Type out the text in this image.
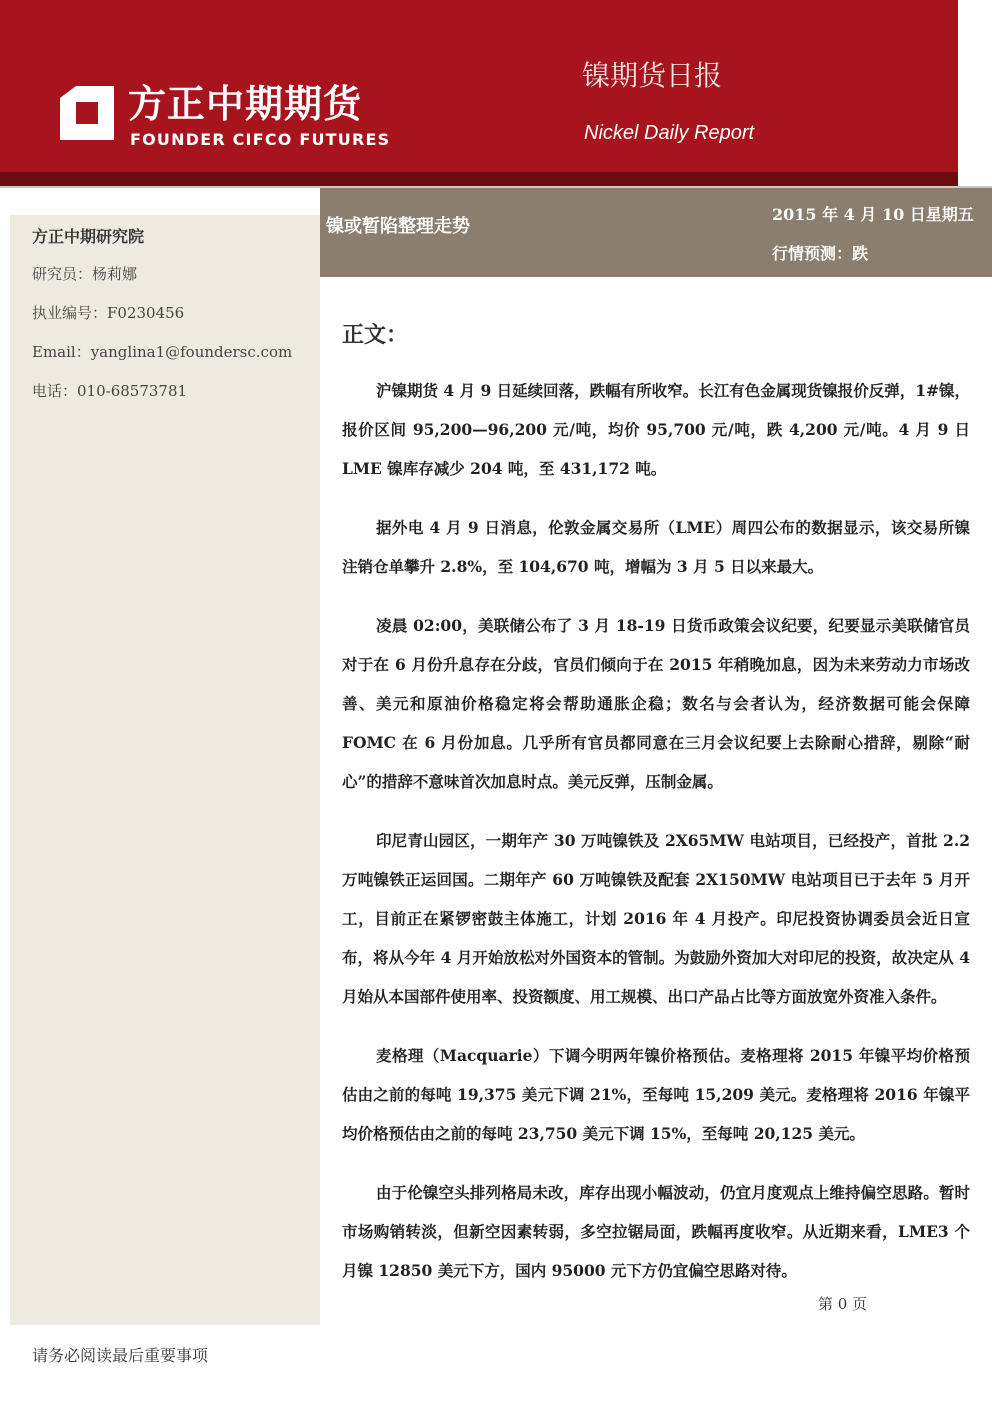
方正中期期货
FOUNDER CIFCO FUTURES
镍期货日报
Nickel Daily Report
方正中期研究院
研究员：杨莉娜
执业编号：F0230456
Email：yanglina1@foundersc.com
电话：010-68573781
镍或暂陷整理走势
2015 年 4 月 10 日星期五
行情预测：跌
正文：

沪镍期货 4 月 9 日延续回落，跌幅有所收窄。长江有色金属现货镍报价反弹，1#镍，报价区间 95,200—96,200 元/吨，均价 95,700 元/吨，跌 4,200 元/吨。4 月 9 日 LME 镍库存减少 204 吨，至 431,172 吨。

据外电 4 月 9 日消息，伦敦金属交易所（LME）周四公布的数据显示，该交易所镍注销仓单攀升 2.8%，至 104,670 吨，增幅为 3 月 5 日以来最大。

凌晨 02:00，美联储公布了 3 月 18-19 日货币政策会议纪要，纪要显示美联储官员对于在 6 月份升息存在分歧，官员们倾向于在 2015 年稍晚加息，因为未来劳动力市场改善、美元和原油价格稳定将会帮助通胀企稳；数名与会者认为，经济数据可能会保障 FOMC 在 6 月份加息。几乎所有官员都同意在三月会议纪要上去除耐心措辞，剔除“耐心”的措辞不意味首次加息时点。美元反弹，压制金属。

印尼青山园区，一期年产 30 万吨镍铁及 2X65MW 电站项目，已经投产，首批 2.2 万吨镍铁正运回国。二期年产 60 万吨镍铁及配套 2X150MW 电站项目已于去年 5 月开工，目前正在紧锣密鼓主体施工，计划 2016 年 4 月投产。印尼投资协调委员会近日宣布，将从今年 4 月开始放松对外国资本的管制。为鼓励外资加大对印尼的投资，故决定从 4 月始从本国部件使用率、投资额度、用工规模、出口产品占比等方面放宽外资准入条件。

麦格理（Macquarie）下调今明两年镍价格预估。麦格理将 2015 年镍平均价格预估由之前的每吨 19,375 美元下调 21%，至每吨 15,209 美元。麦格理将 2016 年镍平均价格预估由之前的每吨 23,750 美元下调 15%，至每吨 20,125 美元。

由于伦镍空头排列格局未改，库存出现小幅波动，仍宜月度观点上维持偏空思路。暂时市场购销转淡，但新空因素转弱，多空拉锯局面，跌幅再度收窄。从近期来看，LME3 个月镍 12850 美元下方，国内 95000 元下方仍宜偏空思路对待。

第 0 页
请务必阅读最后重要事项
